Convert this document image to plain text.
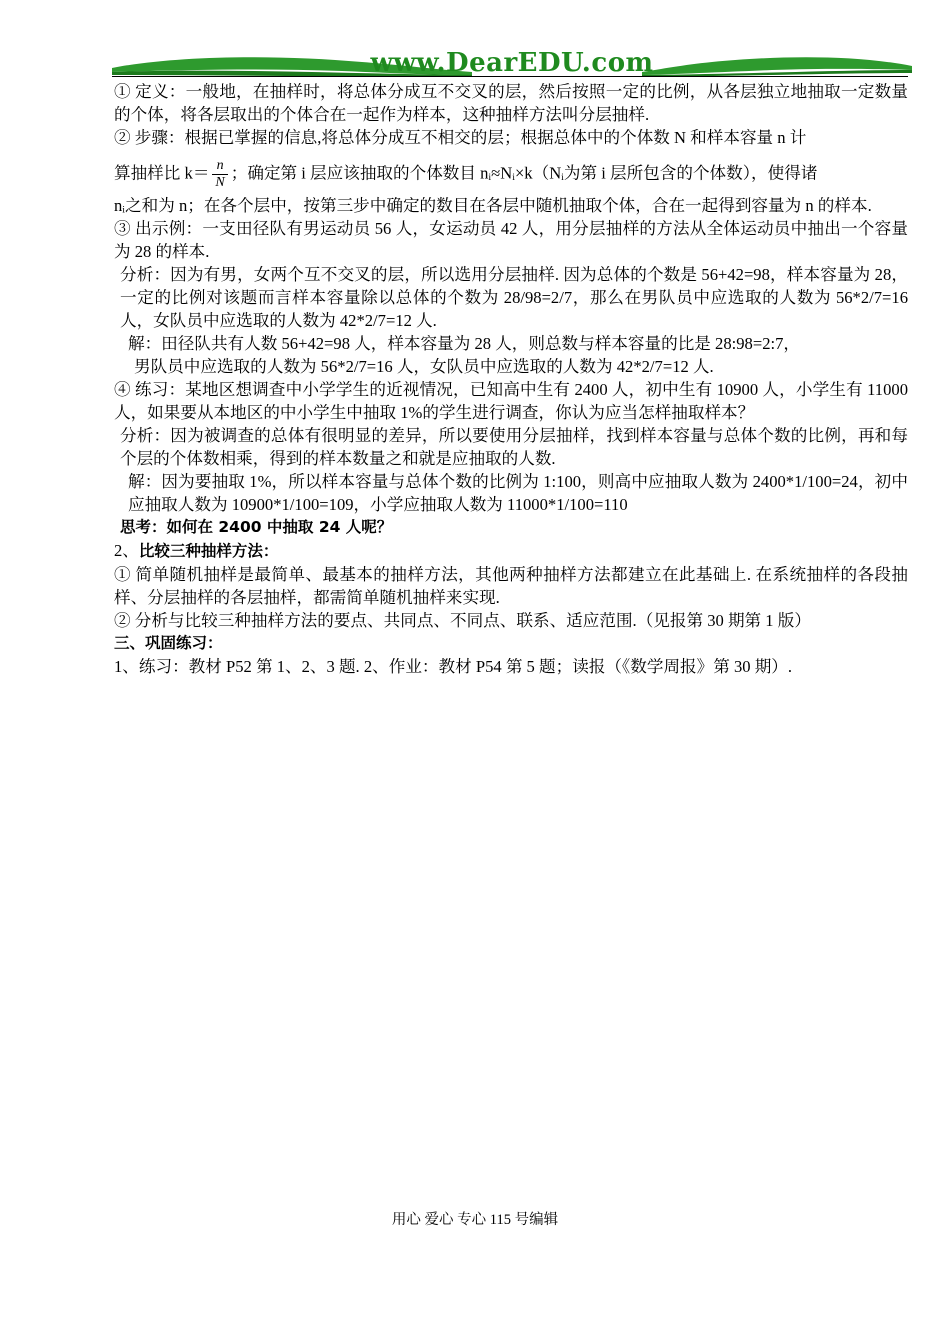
www.DearEDU.com

① 定义：一般地，在抽样时，将总体分成互不交叉的层，然后按照一定的比例，从各层独立地抽取一定数量的个体，将各层取出的个体合在一起作为样本，这种抽样方法叫分层抽样.

② 步骤：根据已掌握的信息,将总体分成互不相交的层；根据总体中的个体数 N 和样本容量 n 计

算抽样比 $k= \frac{n}{N}$ ；确定第 i 层应该抽取的个体数目 nᵢ≈Nᵢ×k（Nᵢ为第 i 层所包含的个体数），使得诸

nᵢ之和为 n；在各个层中，按第三步中确定的数目在各层中随机抽取个体，合在一起得到容量为 n 的样本.

③ 出示例：一支田径队有男运动员 56 人，女运动员 42 人，用分层抽样的方法从全体运动员中抽出一个容量为 28 的样本.

分析：因为有男，女两个互不交叉的层，所以选用分层抽样. 因为总体的个数是 56+42=98，样本容量为 28，一定的比例对该题而言样本容量除以总体的个数为 28/98=2/7，那么在男队员中应选取的人数为 56*2/7=16 人，女队员中应选取的人数为 42*2/7=12 人.

解：田径队共有人数 56+42=98 人，样本容量为 28 人，则总数与样本容量的比是 28:98=2:7，

男队员中应选取的人数为 56*2/7=16 人，女队员中应选取的人数为 42*2/7=12 人.

④ 练习：某地区想调查中小学学生的近视情况，已知高中生有 2400 人，初中生有 10900 人，小学生有 11000 人，如果要从本地区的中小学生中抽取 1%的学生进行调查，你认为应当怎样抽取样本？

分析：因为被调查的总体有很明显的差异，所以要使用分层抽样，找到样本容量与总体个数的比例，再和每个层的个体数相乘，得到的样本数量之和就是应抽取的人数.

解：因为要抽取 1%，所以样本容量与总体个数的比例为 1:100，则高中应抽取人数为 2400*1/100=24，初中应抽取人数为 10900*1/100=109，小学应抽取人数为 11000*1/100=110

思考：如何在 2400 中抽取 24 人呢？

2、比较三种抽样方法：

① 简单随机抽样是最简单、最基本的抽样方法，其他两种抽样方法都建立在此基础上. 在系统抽样的各段抽样、分层抽样的各层抽样，都需简单随机抽样来实现.

② 分析与比较三种抽样方法的要点、共同点、不同点、联系、适应范围.（见报第 30 期第 1 版）

三、巩固练习：

1、练习：教材 P52 第 1、2、3 题. 2、作业：教材 P54 第 5 题；读报（《数学周报》第 30 期）.

用心 爱心 专心 115 号编辑
